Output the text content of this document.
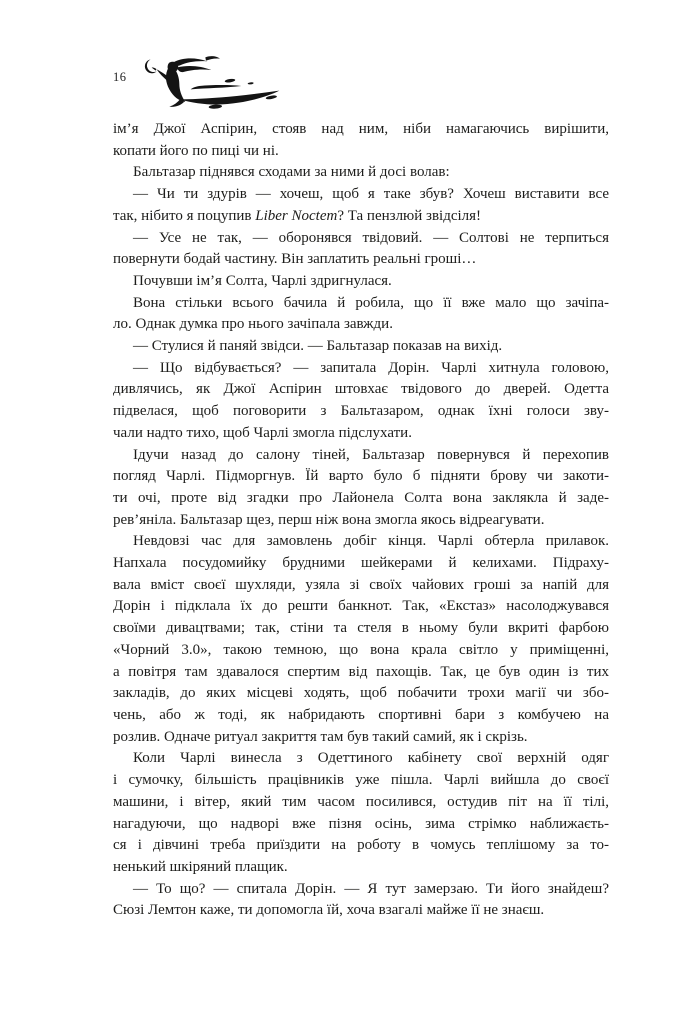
16
ім’я Джої Аспірин, стояв над ним, ніби намагаючись вирішити,
копати його по пиці чи ні.
Бальтазар піднявся сходами за ними й досі волав:
— Чи ти здурів — хочеш, щоб я таке збув? Хочеш виставити все
так, нібито я поцупив Liber Noctem? Та пензлюй звідсіля!
— Усе не так, — оборонявся твідовий. — Солтові не терпиться
повернути бодай частину. Він заплатить реальні гроші…
Почувши ім’я Солта, Чарлі здригнулася.
Вона стільки всього бачила й робила, що її вже мало що зачіпа-
ло. Однак думка про нього зачіпала завжди.
— Стулися й паняй звідси. — Бальтазар показав на вихід.
— Що відбувається? — запитала Дорін. Чарлі хитнула головою,
дивлячись, як Джої Аспірин штовхає твідового до дверей. Одетта
підвелася, щоб поговорити з Бальтазаром, однак їхні голоси зву-
чали надто тихо, щоб Чарлі змогла підслухати.
Ідучи назад до салону тіней, Бальтазар повернувся й перехопив
погляд Чарлі. Підморгнув. Їй варто було б підняти брову чи закоти-
ти очі, проте від згадки про Лайонела Солта вона заклякла й заде-
рев’яніла. Бальтазар щез, перш ніж вона змогла якось відреагувати.
Невдовзі час для замовлень добіг кінця. Чарлі обтерла прилавок.
Напхала посудомийку брудними шейкерами й келихами. Підраху-
вала вміст своєї шухляди, узяла зі своїх чайових гроші за напій для
Дорін і підклала їх до решти банкнот. Так, «Екстаз» насолоджувався
своїми дивацтвами; так, стіни та стеля в ньому були вкриті фарбою
«Чорний 3.0», такою темною, що вона крала світло у приміщенні,
а повітря там здавалося спертим від пахощів. Так, це був один із тих
закладів, до яких місцеві ходять, щоб побачити трохи магії чи збо-
чень, або ж тоді, як набридають спортивні бари з комбучею на
розлив. Одначе ритуал закриття там був такий самий, як і скрізь.
Коли Чарлі винесла з Одеттиного кабінету свої верхній одяг
і сумочку, більшість працівників уже пішла. Чарлі вийшла до своєї
машини, і вітер, який тим часом посилився, остудив піт на її тілі,
нагадуючи, що надворі вже пізня осінь, зима стрімко наближаєть-
ся і дівчині треба приїздити на роботу в чомусь теплішому за то-
ненький шкіряний плащик.
— То що? — спитала Дорін. — Я тут замерзаю. Ти його знайдеш?
Сюзі Лемтон каже, ти допомогла їй, хоча взагалі майже її не знаєш.
